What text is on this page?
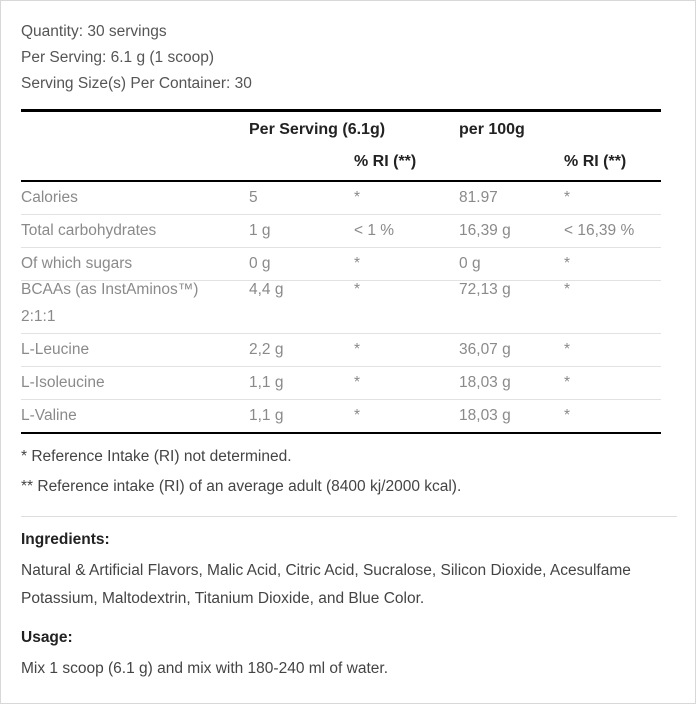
Quantity: 30 servings
Per Serving: 6.1 g (1 scoop)
Serving Size(s) Per Container: 30
	Per Serving (6.1g)		per 100g	
		% RI (**)		% RI (**)
Calories	5	*	81.97	*
Total carbohydrates	1 g	< 1 %	16,39 g	< 16,39 %
Of which sugars	0 g	*	0 g	*
BCAAs (as InstAminos™)	4,4 g	*	72,13 g	*
2:1:1				
L-Leucine	2,2 g	*	36,07 g	*
L-Isoleucine	1,1 g	*	18,03 g	*
L-Valine	1,1 g	*	18,03 g	*
* Reference Intake (RI) not determined.
** Reference intake (RI) of an average adult (8400 kj/2000 kcal).
Ingredients:
Natural & Artificial Flavors, Malic Acid, Citric Acid, Sucralose, Silicon Dioxide, Acesulfame Potassium, Maltodextrin, Titanium Dioxide, and Blue Color.
Usage:
Mix 1 scoop (6.1 g) and mix with 180-240 ml of water.
